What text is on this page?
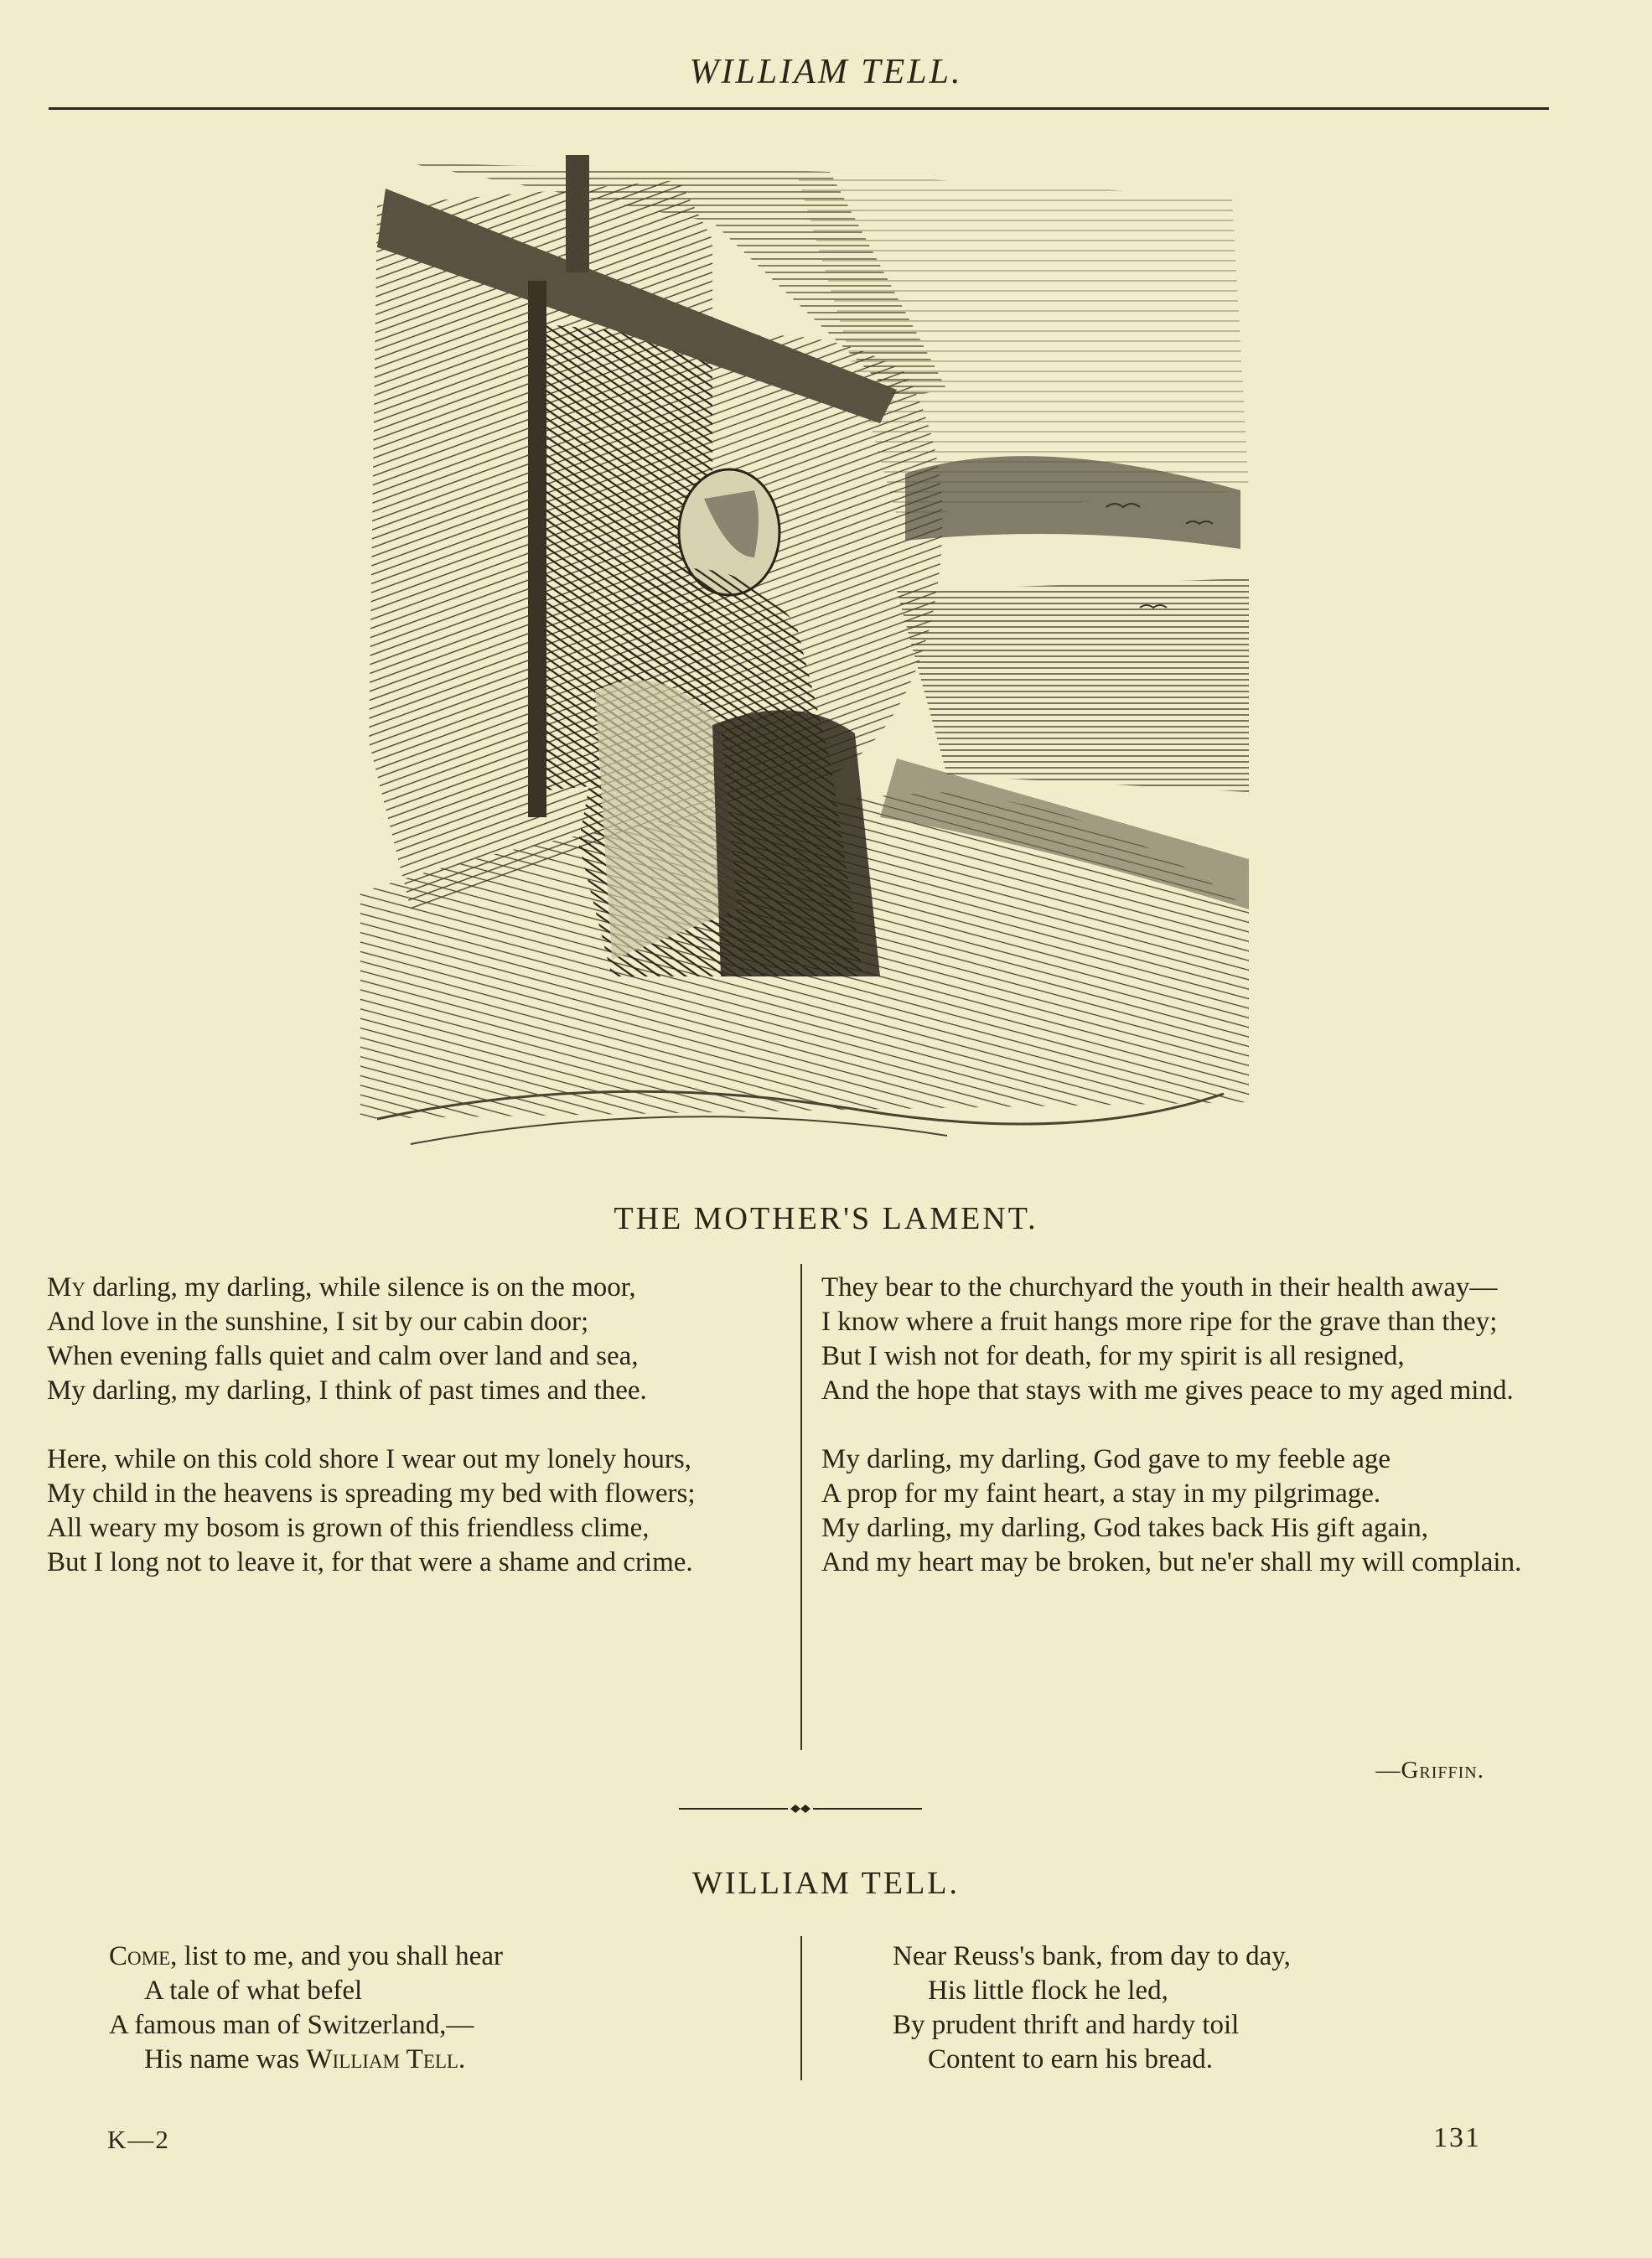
WILLIAM TELL.
THE MOTHER'S LAMENT.
My darling, my darling, while silence is on the moor,
And love in the sunshine, I sit by our cabin door;
When evening falls quiet and calm over land and sea,
My darling, my darling, I think of past times and thee.
Here, while on this cold shore I wear out my lonely hours,
My child in the heavens is spreading my bed with flowers;
All weary my bosom is grown of this friendless clime,
But I long not to leave it, for that were a shame and crime.
They bear to the churchyard the youth in their health away—
I know where a fruit hangs more ripe for the grave than they;
But I wish not for death, for my spirit is all resigned,
And the hope that stays with me gives peace to my aged mind.
My darling, my darling, God gave to my feeble age
A prop for my faint heart, a stay in my pilgrimage.
My darling, my darling, God takes back His gift again,
And my heart may be broken, but ne'er shall my will complain.
—Griffin.
WILLIAM TELL.
Come, list to me, and you shall hear
A tale of what befel
A famous man of Switzerland,—
His name was William Tell.
Near Reuss's bank, from day to day,
His little flock he led,
By prudent thrift and hardy toil
Content to earn his bread.
K—2	131
